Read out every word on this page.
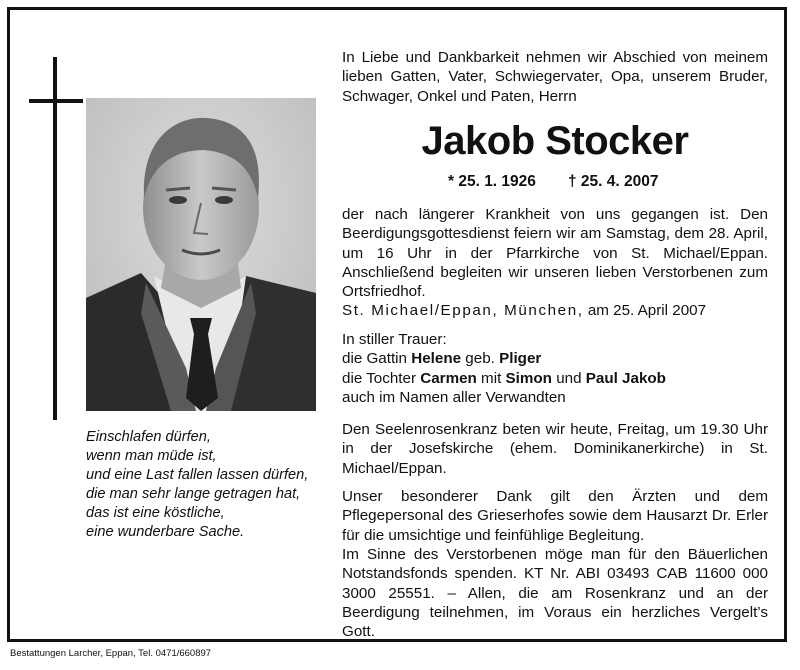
Einschlafen dürfen,
wenn man müde ist,
und eine Last fallen lassen dürfen,
die man sehr lange getragen hat,
das ist eine köstliche,
eine wunderbare Sache.
In Liebe und Dankbarkeit nehmen wir Abschied von meinem lieben Gatten, Vater, Schwiegervater, Opa, unserem Bruder, Schwager, Onkel und Paten, Herrn
Jakob Stocker
* 25. 1. 1926 † 25. 4. 2007
der nach längerer Krankheit von uns gegangen ist. Den Beerdigungsgottesdienst feiern wir am Samstag, dem 28. April, um 16 Uhr in der Pfarrkirche von St. Michael/Eppan. Anschließend begleiten wir unseren lieben Verstorbenen zum Ortsfriedhof.
St. Michael/Eppan, München, am 25. April 2007
In stiller Trauer:
die Gattin Helene geb. Pliger
die Tochter Carmen mit Simon und Paul Jakob
auch im Namen aller Verwandten
Den Seelenrosenkranz beten wir heute, Freitag, um 19.30 Uhr in der Josefskirche (ehem. Dominikanerkirche) in St. Michael/Eppan.
Unser besonderer Dank gilt den Ärzten und dem Pflegepersonal des Grieserhofes sowie dem Hausarzt Dr. Erler für die umsichtige und feinfühlige Begleitung.
Im Sinne des Verstorbenen möge man für den Bäuerlichen Notstandsfonds spenden. KT Nr. ABI 03493 CAB 11600 000 3000 25551. – Allen, die am Rosenkranz und an der Beerdigung teilnehmen, im Voraus ein herzliches Vergelt’s Gott.
Bestattungen Larcher, Eppan, Tel. 0471/660897
